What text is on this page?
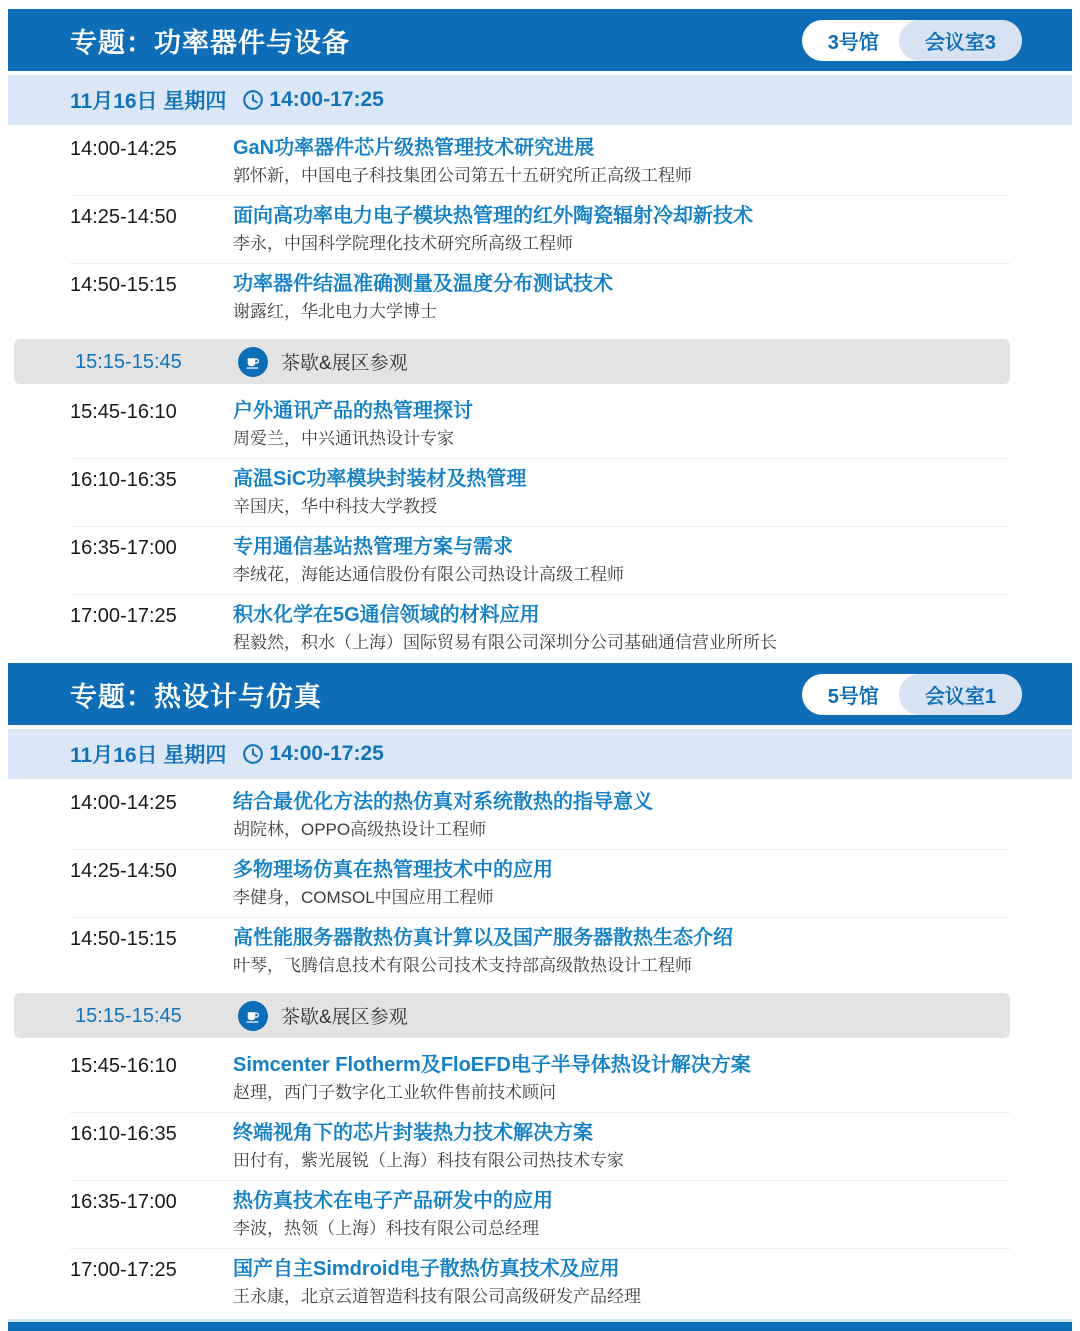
专题：功率器件与设备	3号馆	会议室3
11月16日 星期四 14:00-17:25
14:00-14:25	GaN功率器件芯片级热管理技术研究进展
郭怀新，中国电子科技集团公司第五十五研究所正高级工程师
14:25-14:50	面向高功率电力电子模块热管理的红外陶瓷辐射冷却新技术
李永，中国科学院理化技术研究所高级工程师
14:50-15:15	功率器件结温准确测量及温度分布测试技术
谢露红，华北电力大学博士
15:15-15:45	茶歇&展区参观
15:45-16:10	户外通讯产品的热管理探讨
周爱兰，中兴通讯热设计专家
16:10-16:35	高温SiC功率模块封装材及热管理
辛国庆，华中科技大学教授
16:35-17:00	专用通信基站热管理方案与需求
李绒花，海能达通信股份有限公司热设计高级工程师
17:00-17:25	积水化学在5G通信领域的材料应用
程毅然，积水（上海）国际贸易有限公司深圳分公司基础通信营业所所长
专题：热设计与仿真	5号馆	会议室1
11月16日 星期四 14:00-17:25
14:00-14:25	结合最优化方法的热仿真对系统散热的指导意义
胡院林，OPPO高级热设计工程师
14:25-14:50	多物理场仿真在热管理技术中的应用
李健身，COMSOL中国应用工程师
14:50-15:15	高性能服务器散热仿真计算以及国产服务器散热生态介绍
叶琴，飞腾信息技术有限公司技术支持部高级散热设计工程师
15:15-15:45	茶歇&展区参观
15:45-16:10	Simcenter Flotherm及FloEFD电子半导体热设计解决方案
赵理，西门子数字化工业软件售前技术顾问
16:10-16:35	终端视角下的芯片封装热力技术解决方案
田付有，紫光展锐（上海）科技有限公司热技术专家
16:35-17:00	热仿真技术在电子产品研发中的应用
李波，热领（上海）科技有限公司总经理
17:00-17:25	国产自主Simdroid电子散热仿真技术及应用
王永康，北京云道智造科技有限公司高级研发产品经理
